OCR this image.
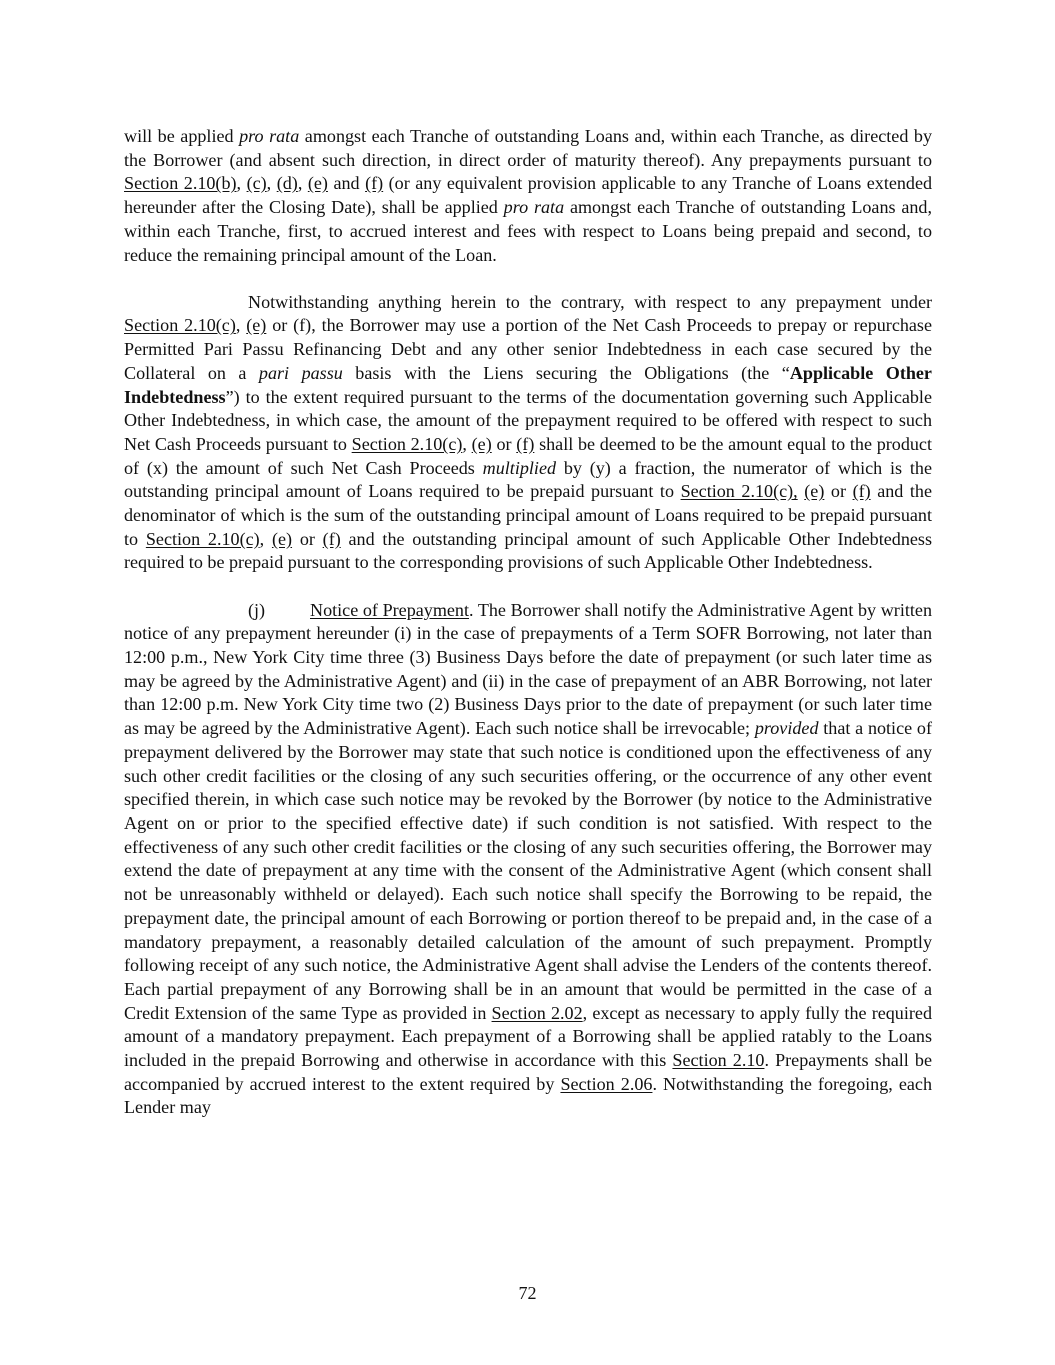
will be applied pro rata amongst each Tranche of outstanding Loans and, within each Tranche, as directed by the Borrower (and absent such direction, in direct order of maturity thereof). Any prepayments pursuant to Section 2.10(b), (c), (d), (e) and (f) (or any equivalent provision applicable to any Tranche of Loans extended hereunder after the Closing Date), shall be applied pro rata amongst each Tranche of outstanding Loans and, within each Tranche, first, to accrued interest and fees with respect to Loans being prepaid and second, to reduce the remaining principal amount of the Loan.

Notwithstanding anything herein to the contrary, with respect to any prepayment under Section 2.10(c), (e) or (f), the Borrower may use a portion of the Net Cash Proceeds to prepay or repurchase Permitted Pari Passu Refinancing Debt and any other senior Indebtedness in each case secured by the Collateral on a pari passu basis with the Liens securing the Obligations (the “Applicable Other Indebtedness”) to the extent required pursuant to the terms of the documentation governing such Applicable Other Indebtedness, in which case, the amount of the prepayment required to be offered with respect to such Net Cash Proceeds pursuant to Section 2.10(c), (e) or (f) shall be deemed to be the amount equal to the product of (x) the amount of such Net Cash Proceeds multiplied by (y) a fraction, the numerator of which is the outstanding principal amount of Loans required to be prepaid pursuant to Section 2.10(c), (e) or (f) and the denominator of which is the sum of the outstanding principal amount of Loans required to be prepaid pursuant to Section 2.10(c), (e) or (f) and the outstanding principal amount of such Applicable Other Indebtedness required to be prepaid pursuant to the corresponding provisions of such Applicable Other Indebtedness.

(j) Notice of Prepayment. The Borrower shall notify the Administrative Agent by written notice of any prepayment hereunder (i) in the case of prepayments of a Term SOFR Borrowing, not later than 12:00 p.m., New York City time three (3) Business Days before the date of prepayment (or such later time as may be agreed by the Administrative Agent) and (ii) in the case of prepayment of an ABR Borrowing, not later than 12:00 p.m. New York City time two (2) Business Days prior to the date of prepayment (or such later time as may be agreed by the Administrative Agent). Each such notice shall be irrevocable; provided that a notice of prepayment delivered by the Borrower may state that such notice is conditioned upon the effectiveness of any such other credit facilities or the closing of any such securities offering, or the occurrence of any other event specified therein, in which case such notice may be revoked by the Borrower (by notice to the Administrative Agent on or prior to the specified effective date) if such condition is not satisfied. With respect to the effectiveness of any such other credit facilities or the closing of any such securities offering, the Borrower may extend the date of prepayment at any time with the consent of the Administrative Agent (which consent shall not be unreasonably withheld or delayed). Each such notice shall specify the Borrowing to be repaid, the prepayment date, the principal amount of each Borrowing or portion thereof to be prepaid and, in the case of a mandatory prepayment, a reasonably detailed calculation of the amount of such prepayment. Promptly following receipt of any such notice, the Administrative Agent shall advise the Lenders of the contents thereof. Each partial prepayment of any Borrowing shall be in an amount that would be permitted in the case of a Credit Extension of the same Type as provided in Section 2.02, except as necessary to apply fully the required amount of a mandatory prepayment. Each prepayment of a Borrowing shall be applied ratably to the Loans included in the prepaid Borrowing and otherwise in accordance with this Section 2.10. Prepayments shall be accompanied by accrued interest to the extent required by Section 2.06. Notwithstanding the foregoing, each Lender may

72
